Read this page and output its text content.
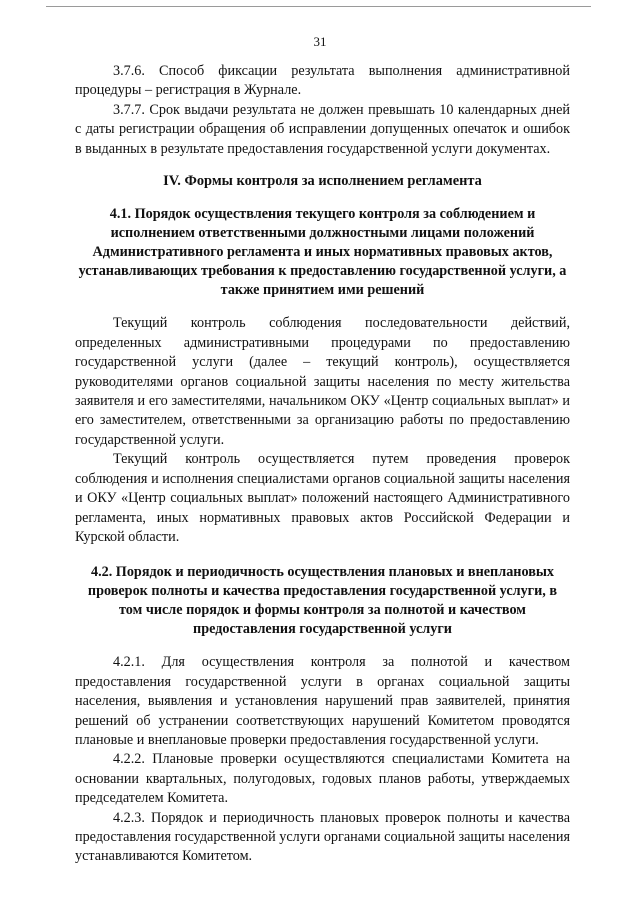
31

3.7.6. Способ фиксации результата выполнения административной процедуры – регистрация в Журнале.

3.7.7. Срок выдачи результата не должен превышать 10 календарных дней с даты регистрации обращения об исправлении допущенных опечаток и ошибок в выданных в результате предоставления государственной услуги документах.

IV. Формы контроля за исполнением регламента
4.1. Порядок осуществления текущего контроля за соблюдением и исполнением ответственными должностными лицами положений Административного регламента и иных нормативных правовых актов, устанавливающих требования к предоставлению государственной услуги, а также принятием ими решений

Текущий контроль соблюдения последовательности действий, определенных административными процедурами по предоставлению государственной услуги (далее – текущий контроль), осуществляется руководителями органов социальной защиты населения по месту жительства заявителя и его заместителями, начальником ОКУ «Центр социальных выплат» и его заместителем, ответственными за организацию работы по предоставлению государственной услуги.

Текущий контроль осуществляется путем проведения проверок соблюдения и исполнения специалистами органов социальной защиты населения и ОКУ «Центр социальных выплат» положений настоящего Административного регламента, иных нормативных правовых актов Российской Федерации и Курской области.

4.2. Порядок и периодичность осуществления плановых и внеплановых проверок полноты и качества предоставления государственной услуги, в том числе порядок и формы контроля за полнотой и качеством предоставления государственной услуги

4.2.1. Для осуществления контроля за полнотой и качеством предоставления государственной услуги в органах социальной защиты населения, выявления и установления нарушений прав заявителей, принятия решений об устранении соответствующих нарушений Комитетом проводятся плановые и внеплановые проверки предоставления государственной услуги.

4.2.2. Плановые проверки осуществляются специалистами Комитета на основании квартальных, полугодовых, годовых планов работы, утверждаемых председателем Комитета.

4.2.3. Порядок и периодичность плановых проверок полноты и качества предоставления государственной услуги органами социальной защиты населения устанавливаются Комитетом.
